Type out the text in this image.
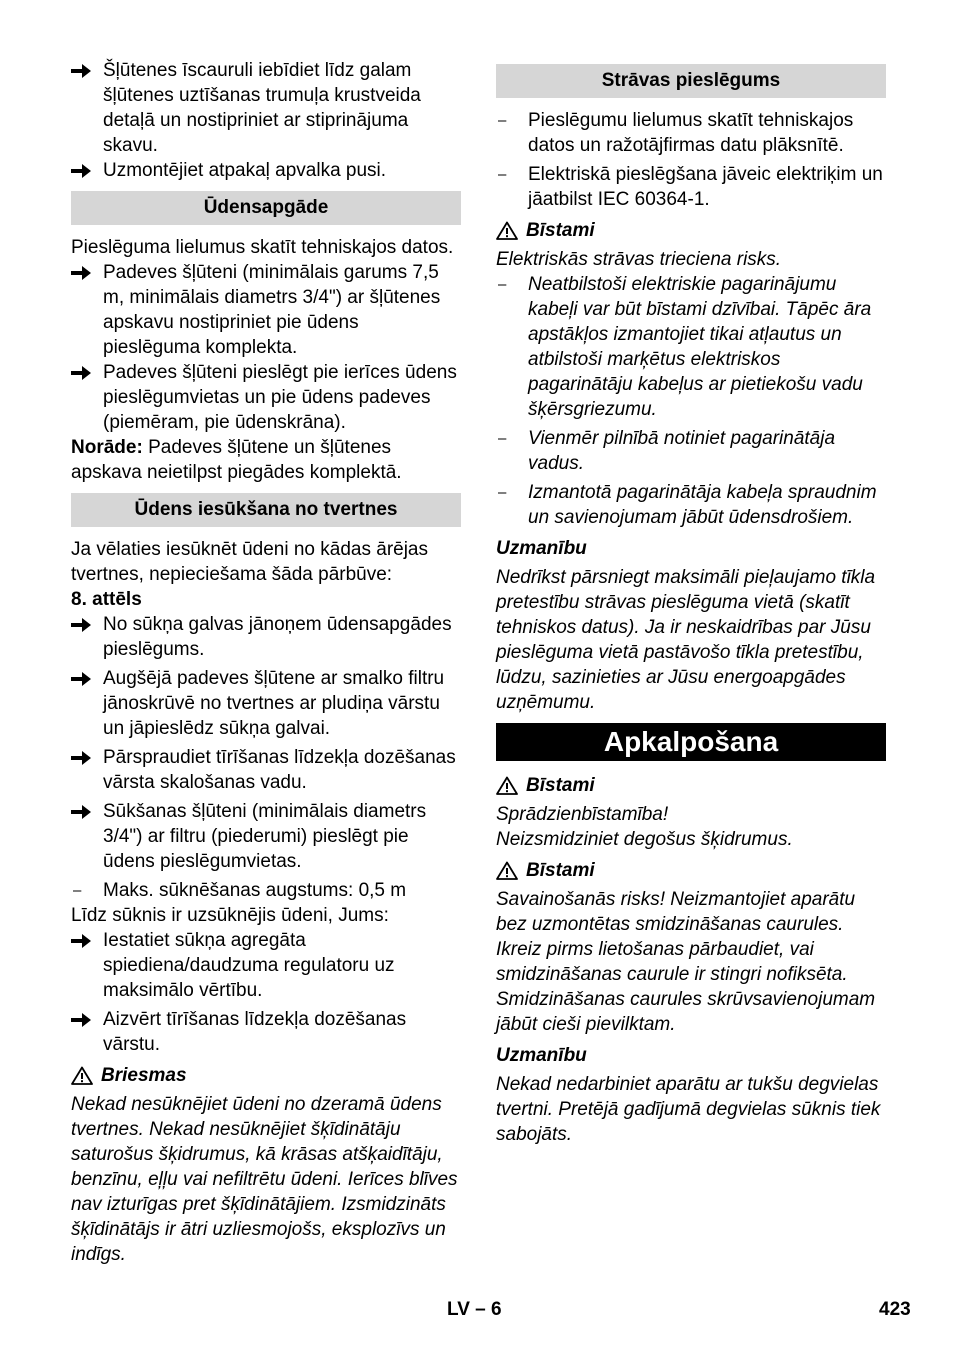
Šļūtenes īscauruli iebīdiet līdz galam šļūtenes uztīšanas trumuļa krustveida detaļā un nostipriniet ar stiprinājuma skavu.
Uzmontējiet atpakaļ apvalka pusi.
Ūdensapgāde

Pieslēguma lielumus skatīt tehniskajos datos.

Padeves šļūteni (minimālais garums 7,5 m, minimālais diametrs 3/4") ar šļūtenes apskavu nostipriniet pie ūdens pieslēguma komplekta.
Padeves šļūteni pieslēgt pie ierīces ūdens pieslēgumvietas un pie ūdens padeves (piemēram, pie ūdenskrāna).

Norāde: Padeves šļūtene un šļūtenes apskava neietilpst piegādes komplektā.

Ūdens iesūkšana no tvertnes

Ja vēlaties iesūknēt ūdeni no kādas ārējas tvertnes, nepieciešama šāda pārbūve:

8. attēls

No sūkņa galvas jānoņem ūdensapgādes pieslēgums.
Augšējā padeves šļūtene ar smalko filtru jānoskrūvē no tvertnes ar pludiņa vārstu un jāpieslēdz sūkņa galvai.
Pārspraudiet tīrīšanas līdzekļa dozēšanas vārsta skalošanas vadu.
Sūkšanas šļūteni (minimālais diametrs 3/4") ar filtru (piederumi) pieslēgt pie ūdens pieslēgumvietas.
–	Maks. sūknēšanas augstums: 0,5 m

Līdz sūknis ir uzsūknējis ūdeni, Jums:

Iestatiet sūkņa agregāta spiediena/daudzuma regulatoru uz maksimālo vērtību.
Aizvērt tīrīšanas līdzekļa dozēšanas vārstu.
Briesmas

Nekad nesūknējiet ūdeni no dzeramā ūdens tvertnes. Nekad nesūknējiet šķīdinātāju saturošus šķidrumus, kā krāsas atšķaidītāju, benzīnu, eļļu vai nefiltrētu ūdeni. Ierīces blīves nav izturīgas pret šķīdinātājiem. Izsmidzināts šķīdinātājs ir ātri uzliesmojošs, eksplozīvs un indīgs.

Strāvas pieslēgums
–	Pieslēgumu lielumus skatīt tehniskajos datos un ražotājfirmas datu plāksnītē.
–	Elektriskā pieslēgšana jāveic elektriķim un jāatbilst IEC 60364-1.
Bīstami

Elektriskās strāvas trieciena risks.

–	Neatbilstoši elektriskie pagarinājumu kabeļi var būt bīstami dzīvībai. Tāpēc āra apstākļos izmantojiet tikai atļautus un atbilstoši marķētus elektriskos pagarinātāju kabeļus ar pietiekošu vadu šķērsgriezumu.
–	Vienmēr pilnībā notiniet pagarinātāja vadus.
–	Izmantotā pagarinātāja kabeļa spraudnim un savienojumam jābūt ūdensdrošiem.

Uzmanību

Nedrīkst pārsniegt maksimāli pieļaujamo tīkla pretestību strāvas pieslēguma vietā (skatīt tehniskos datus). Ja ir neskaidrības par Jūsu pieslēguma vietā pastāvošo tīkla pretestību, lūdzu, sazinieties ar Jūsu energoapgādes uzņēmumu.

Apkalpošana
Bīstami

Sprādzienbīstamība!

Neizsmidziniet degošus šķidrumus.

Bīstami

Savainošanās risks! Neizmantojiet aparātu bez uzmontētas smidzināšanas caurules. Ikreiz pirms lietošanas pārbaudiet, vai smidzināšanas caurule ir stingri nofiksēta. Smidzināšanas caurules skrūvsavienojumam jābūt cieši pievilktam.

Uzmanību

Nekad nedarbiniet aparātu ar tukšu degvielas tvertni. Pretējā gadījumā degvielas sūknis tiek sabojāts.

LV – 6	423
